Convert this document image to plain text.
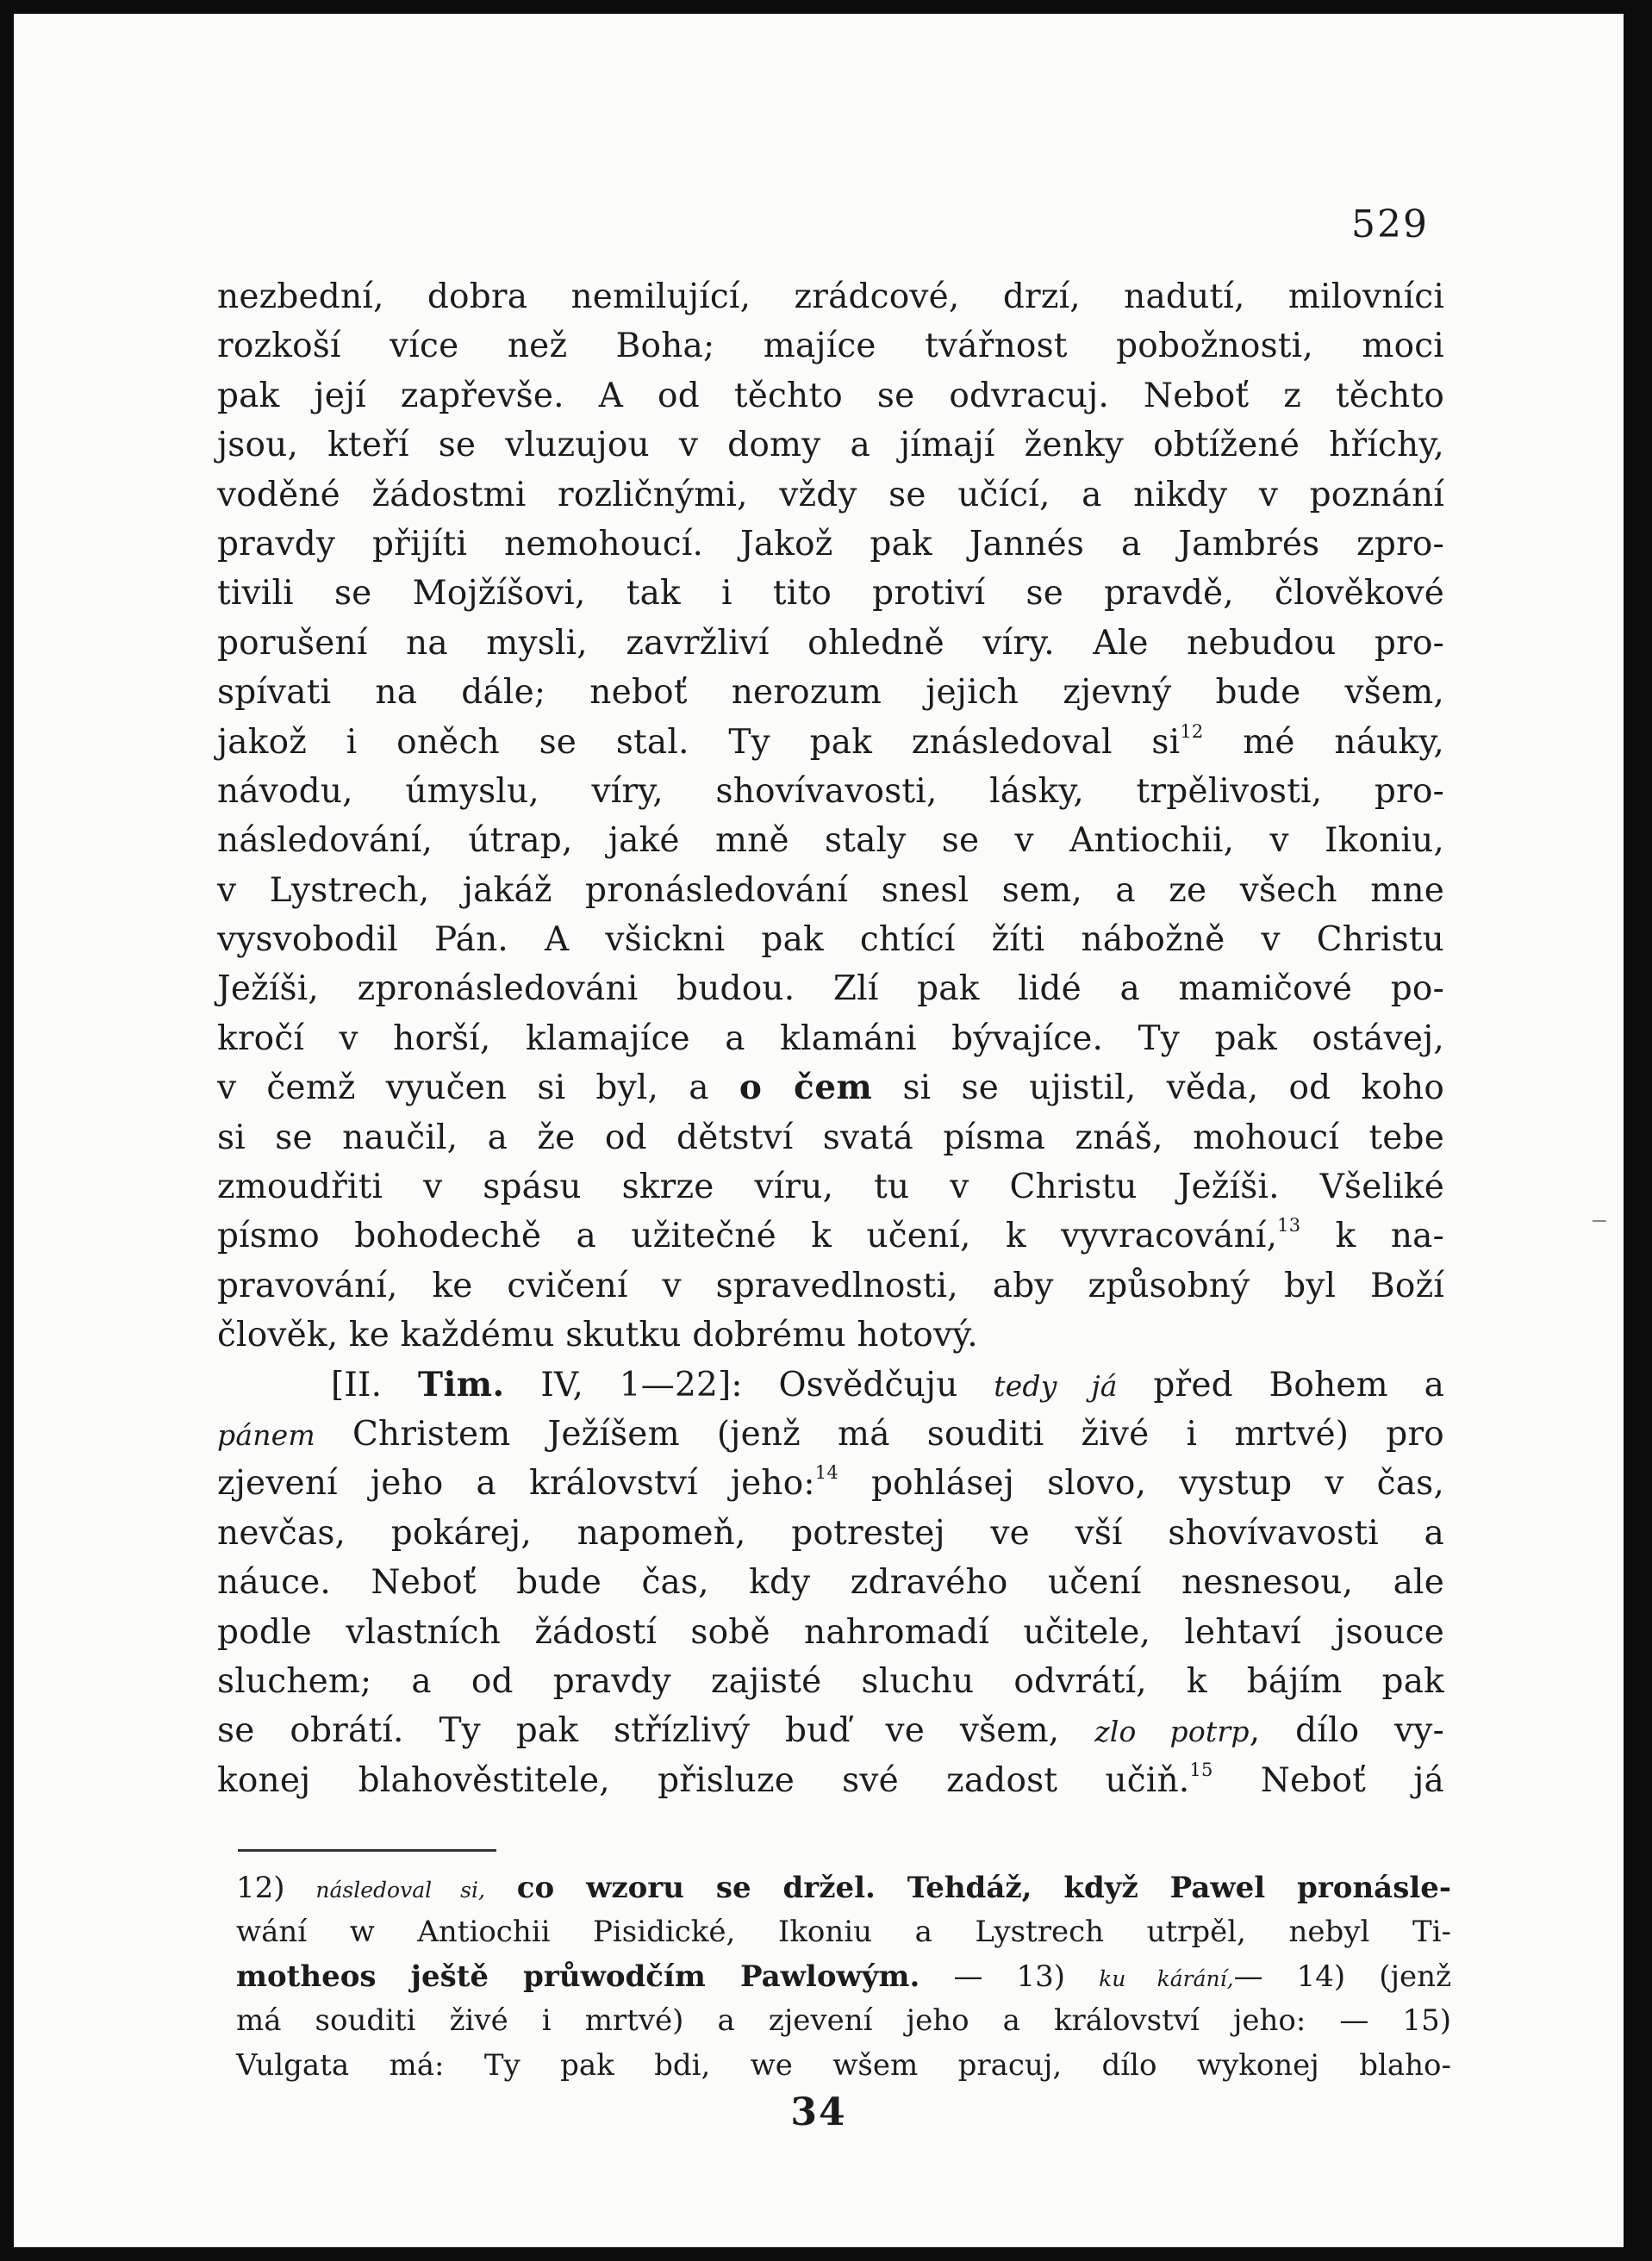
529
nezbední, dobra nemilující, zrádcové, drzí, nadutí, milovníci
rozkoší více než Boha; majíce tvářnost pobožnosti, moci
pak její zapřevše. A od těchto se odvracuj. Neboť z těchto
jsou, kteří se vluzujou v domy a jímají ženky obtížené hříchy,
voděné žádostmi rozličnými, vždy se učící, a nikdy v poznání
pravdy přijíti nemohoucí. Jakož pak Jannés a Jambrés zpro-
tivili se Mojžíšovi, tak i tito protiví se pravdě, člověkové
porušení na mysli, zavržliví ohledně víry. Ale nebudou pro-
spívati na dále; neboť nerozum jejich zjevný bude všem,
jakož i oněch se stal. Ty pak znásledoval $si^{12}$ mé náuky,
návodu, úmyslu, víry, shovívavosti, lásky, trpělivosti, pro-
následování, útrap, jaké mně staly se v Antiochii, v Ikoniu,
v Lystrech, jakáž pronásledování snesl sem, a ze všech mne
vysvobodil Pán. A všickni pak chtící žíti nábožně v Christu
Ježíši, zpronásledováni budou. Zlí pak lidé a mamičové po-
kročí v horší, klamajíce a klamáni bývajíce. Ty pak ostávej,
v čemž vyučen si byl, a o čem si se ujistil, věda, od koho
si se naučil, a že od dětství svatá písma znáš, mohoucí tebe
zmoudřiti v spásu skrze víru, tu v Christu Ježíši. Všeliké
písmo bohodechě a užitečné k učení, k vyvracování,$^{13}$ k na-
pravování, ke cvičení v spravedlnosti, aby způsobný byl Boží
člověk, ke každému skutku dobrému hotový.
[II. Tim. IV, 1—22]: Osvědčuju tedy já před Bohem a
pánem Christem Ježíšem (jenž má souditi živé i mrtvé) pro
zjevení jeho a království jeho:$^{14}$ pohlásej slovo, vystup v čas,
nevčas, pokárej, napomeň, potrestej ve vší shovívavosti a
náuce. Neboť bude čas, kdy zdravého učení nesnesou, ale
podle vlastních žádostí sobě nahromadí učitele, lehtaví jsouce
sluchem; a od pravdy zajisté sluchu odvrátí, k bájím pak
se obrátí. Ty pak střízlivý buď ve všem, zlo potrp, dílo vy-
konej blahověstitele, přisluze své zadost učiň.$^{15}$ Neboť já
12) následoval si, co wzoru se držel. Tehdáž, když Pawel pronásle-
wání w Antiochii Pisidické, Ikoniu a Lystrech utrpěl, nebyl Ti-
motheos ještě průwodčím Pawlowým. — 13) ku kárání,— 14) (jenž
má souditi živé i mrtvé) a zjevení jeho a království jeho: — 15)
Vulgata má: Ty pak bdi, we wšem pracuj, dílo wykonej blaho-
34
